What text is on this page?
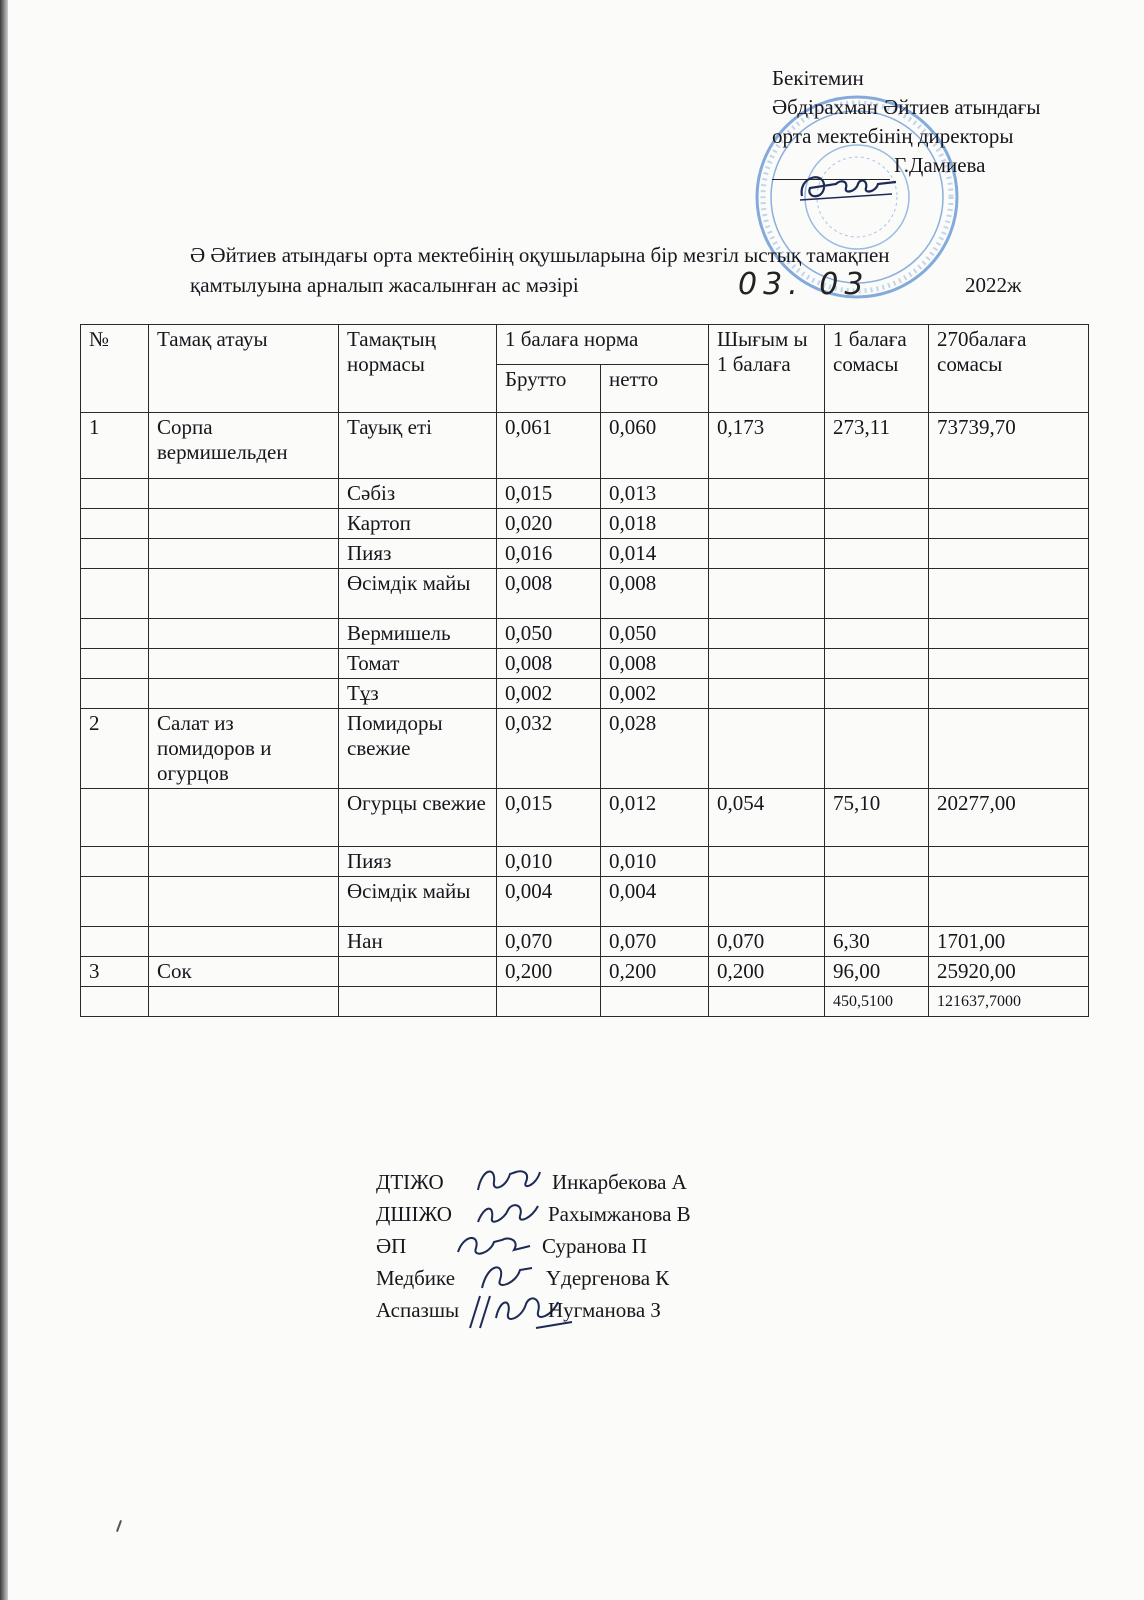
Бекітемин
Әбдірахман Әйтиев атындағы
орта мектебінің директоры
Г.Дамиева
Ә Әйтиев атындағы орта мектебінің оқушыларына бір мезгіл ыстық тамақпен
қамтылуына арналып жасалынған ас мәзірі	03. 03	2022ж
№	Тамақ атауы	Тамақтың нормасы	1 балаға норма		Шығым ы 1 балаға	1 балаға сомасы	270балаға сомасы
			Брутто	нетто			
1	Сорпа вермишельден	Тауық еті	0,061	0,060	0,173	273,11	73739,70
		Сәбіз	0,015	0,013			
		Картоп	0,020	0,018			
		Пияз	0,016	0,014			
		Өсімдік майы	0,008	0,008			
		Вермишель	0,050	0,050			
		Томат	0,008	0,008			
		Тұз	0,002	0,002			
2	Салат из помидоров и огурцов	Помидоры свежие	0,032	0,028			
		Огурцы свежие	0,015	0,012	0,054	75,10	20277,00
		Пияз	0,010	0,010			
		Өсімдік майы	0,004	0,004			
		Нан	0,070	0,070	0,070	6,30	1701,00
3	Сок		0,200	0,200	0,200	96,00	25920,00
						450,5100	121637,7000
ДТІЖО	Инкарбекова А
ДШІЖО	Рахымжанова В
ӘП	Суранова П
Медбике	Үдергенова К
Аспазшы	Нугманова З
